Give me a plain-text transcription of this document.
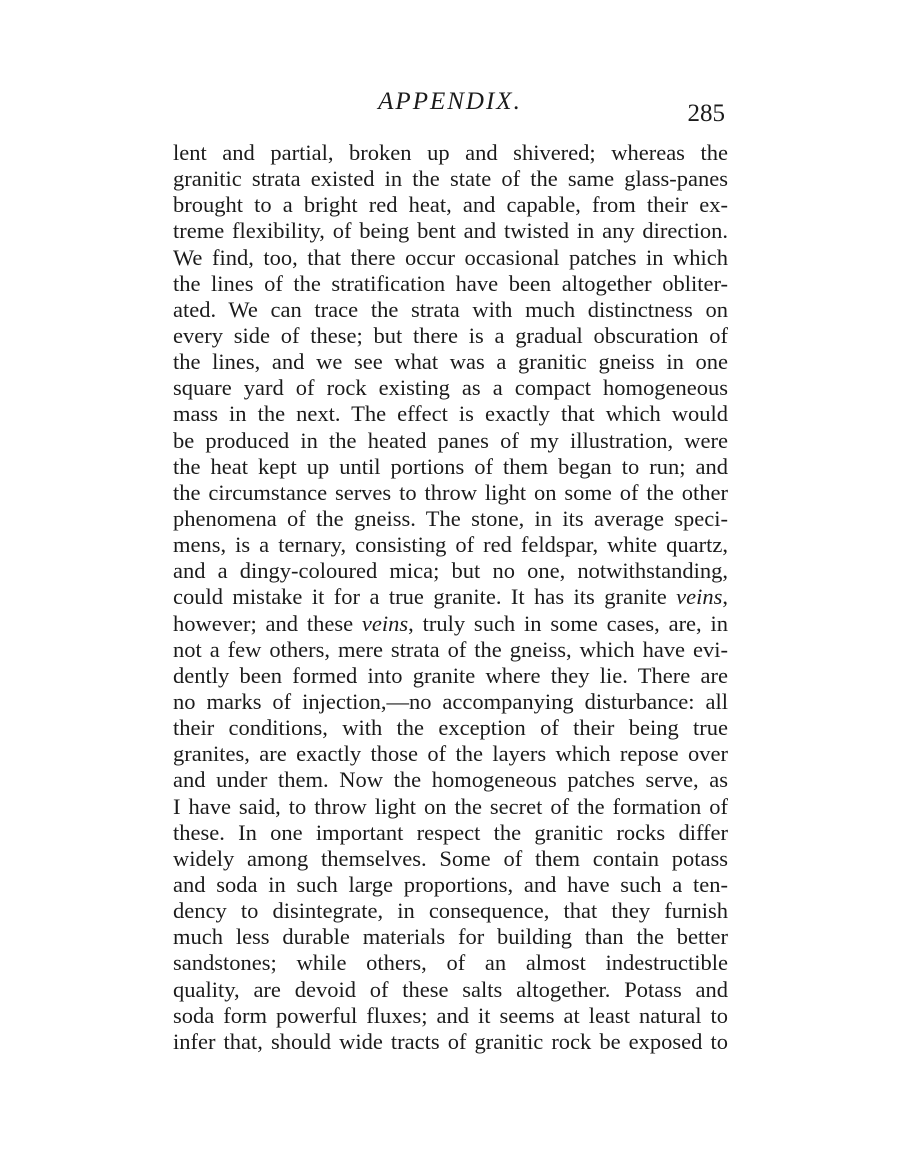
APPENDIX.	285
lent and partial, broken up and shivered; whereas the
granitic strata existed in the state of the same glass-panes
brought to a bright red heat, and capable, from their ex-
treme flexibility, of being bent and twisted in any direction.
We find, too, that there occur occasional patches in which
the lines of the stratification have been altogether obliter-
ated. We can trace the strata with much distinctness on
every side of these; but there is a gradual obscuration of
the lines, and we see what was a granitic gneiss in one
square yard of rock existing as a compact homogeneous
mass in the next. The effect is exactly that which would
be produced in the heated panes of my illustration, were
the heat kept up until portions of them began to run; and
the circumstance serves to throw light on some of the other
phenomena of the gneiss. The stone, in its average speci-
mens, is a ternary, consisting of red feldspar, white quartz,
and a dingy-coloured mica; but no one, notwithstanding,
could mistake it for a true granite. It has its granite veins,
however; and these veins, truly such in some cases, are, in
not a few others, mere strata of the gneiss, which have evi-
dently been formed into granite where they lie. There are
no marks of injection,—no accompanying disturbance: all
their conditions, with the exception of their being true
granites, are exactly those of the layers which repose over
and under them. Now the homogeneous patches serve, as
I have said, to throw light on the secret of the formation of
these. In one important respect the granitic rocks differ
widely among themselves. Some of them contain potass
and soda in such large proportions, and have such a ten-
dency to disintegrate, in consequence, that they furnish
much less durable materials for building than the better
sandstones; while others, of an almost indestructible
quality, are devoid of these salts altogether. Potass and
soda form powerful fluxes; and it seems at least natural to
infer that, should wide tracts of granitic rock be exposed to
